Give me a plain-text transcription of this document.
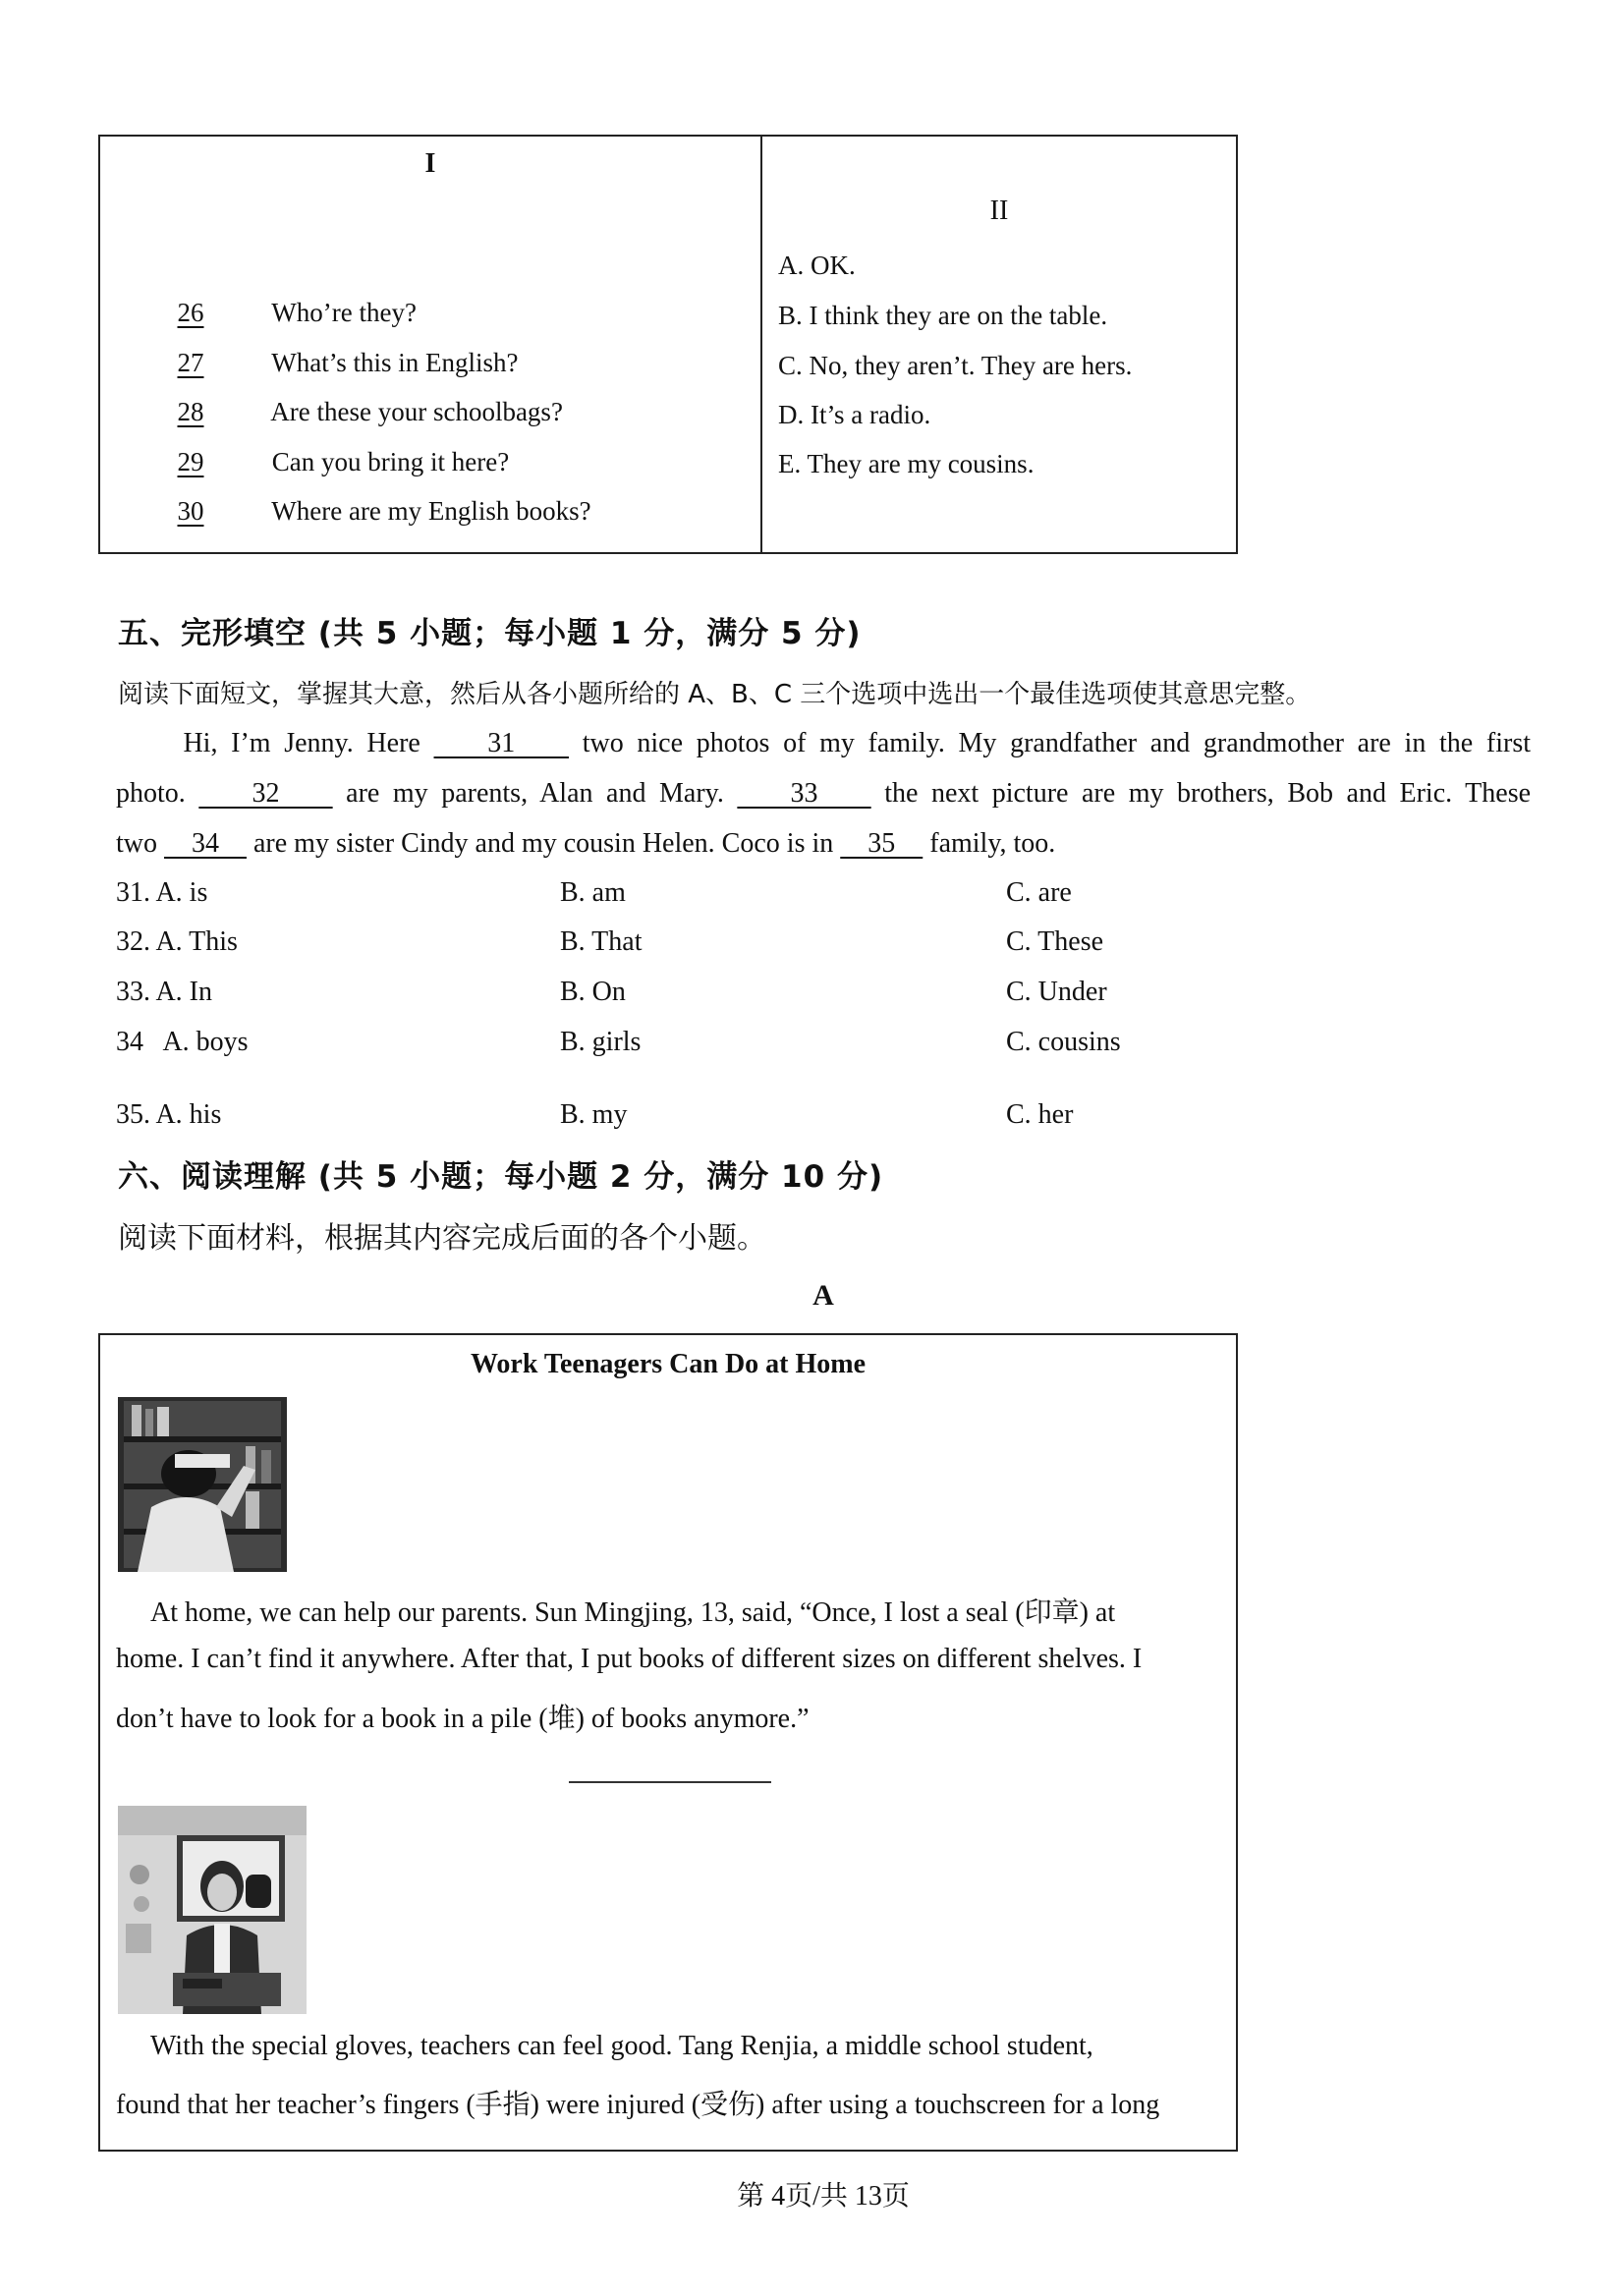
I
26	Who’re they?
27	What’s this in English?
28	Are these your schoolbags?
29	Can you bring it here?
30	Where are my English books?
II
A. OK.
B. I think they are on the table.
C. No, they aren’t. They are hers.
D. It’s a radio.
E. They are my cousins.
五、完形填空 (共 5 小题；每小题 1 分，满分 5 分)
阅读下面短文，掌握其大意，然后从各小题所给的 A、B、C 三个选项中选出一个最佳选项使其意思完整。
Hi, I’m Jenny. Here     31     two nice photos of my family. My grandfather and grandmother are in the first
photo.     32     are my parents, Alan and Mary.     33     the next picture are my brothers, Bob and Eric. These
two     34     are my sister Cindy and my cousin Helen. Coco is in     35     family, too.
31. A. is	B. am	C. are
32. A. This	B. That	C. These
33. A. In	B. On	C. Under
34   A. boys	B. girls	C. cousins
35. A. his	B. my	C. her
六、阅读理解 (共 5 小题；每小题 2 分，满分 10 分)
阅读下面材料，根据其内容完成后面的各个小题。
A
Work Teenagers Can Do at Home
At home, we can help our parents. Sun Mingjing, 13, said, “Once, I lost a seal (印章) at
home. I can’t find it anywhere. After that, I put books of different sizes on different shelves. I
don’t have to look for a book in a pile (堆) of books anymore.”
With the special gloves, teachers can feel good. Tang Renjia, a middle school student,
found that her teacher’s fingers (手指) were injured (受伤) after using a touchscreen for a long
第 4页/共 13页
